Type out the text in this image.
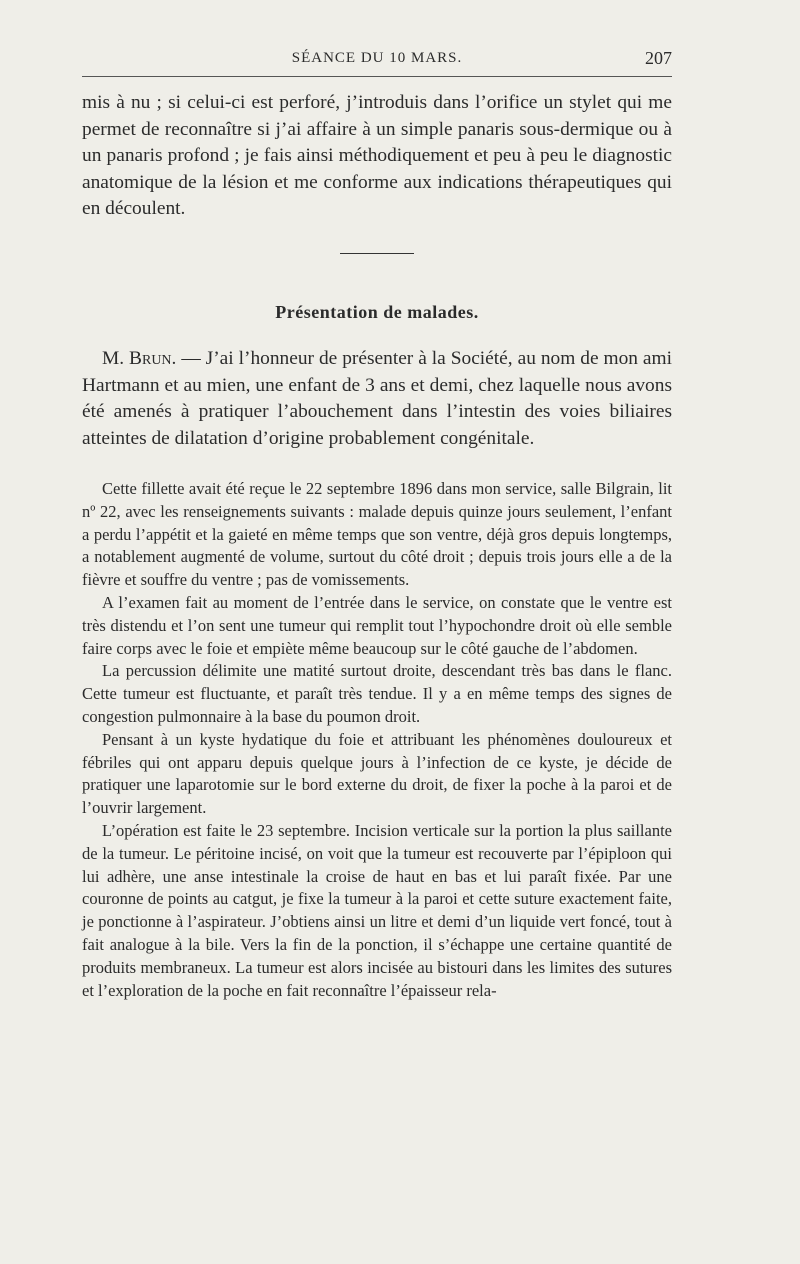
SÉANCE DU 10 MARS.	207

mis à nu ; si celui-ci est perforé, j’introduis dans l’orifice un stylet qui me permet de reconnaître si j’ai affaire à un simple panaris sous-dermique ou à un panaris profond ; je fais ainsi méthodiquement et peu à peu le diagnostic anatomique de la lésion et me conforme aux indications thérapeutiques qui en découlent.

Présentation de malades.

M. Brun. — J’ai l’honneur de présenter à la Société, au nom de mon ami Hartmann et au mien, une enfant de 3 ans et demi, chez laquelle nous avons été amenés à pratiquer l’abouchement dans l’intestin des voies biliaires atteintes de dilatation d’origine probablement congénitale.

Cette fillette avait été reçue le 22 septembre 1896 dans mon service, salle Bilgrain, lit nº 22, avec les renseignements suivants : malade depuis quinze jours seulement, l’enfant a perdu l’appétit et la gaieté en même temps que son ventre, déjà gros depuis longtemps, a notablement augmenté de volume, surtout du côté droit ; depuis trois jours elle a de la fièvre et souffre du ventre ; pas de vomissements.

A l’examen fait au moment de l’entrée dans le service, on constate que le ventre est très distendu et l’on sent une tumeur qui remplit tout l’hypochondre droit où elle semble faire corps avec le foie et empiète même beaucoup sur le côté gauche de l’abdomen.

La percussion délimite une matité surtout droite, descendant très bas dans le flanc. Cette tumeur est fluctuante, et paraît très tendue. Il y a en même temps des signes de congestion pulmonnaire à la base du poumon droit.

Pensant à un kyste hydatique du foie et attribuant les phénomènes douloureux et fébriles qui ont apparu depuis quelque jours à l’infection de ce kyste, je décide de pratiquer une laparotomie sur le bord externe du droit, de fixer la poche à la paroi et de l’ouvrir largement.

L’opération est faite le 23 septembre. Incision verticale sur la portion la plus saillante de la tumeur. Le péritoine incisé, on voit que la tumeur est recouverte par l’épiploon qui lui adhère, une anse intestinale la croise de haut en bas et lui paraît fixée. Par une couronne de points au catgut, je fixe la tumeur à la paroi et cette suture exactement faite, je ponctionne à l’aspirateur. J’obtiens ainsi un litre et demi d’un liquide vert foncé, tout à fait analogue à la bile. Vers la fin de la ponction, il s’échappe une certaine quantité de produits membraneux. La tumeur est alors incisée au bistouri dans les limites des sutures et l’exploration de la poche en fait reconnaître l’épaisseur rela-
